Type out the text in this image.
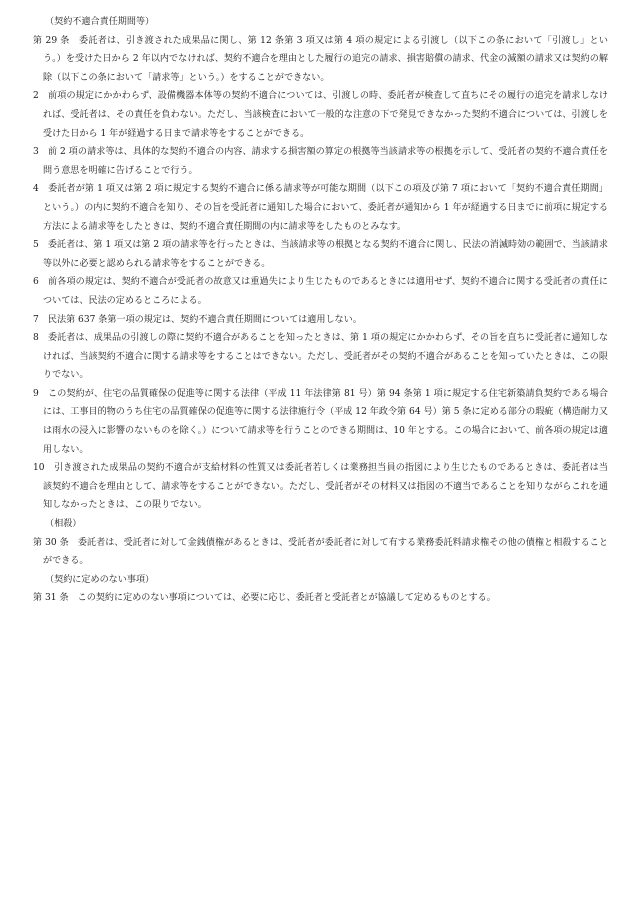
（契約不適合責任期間等）

第 29 条　委託者は、引き渡された成果品に関し、第 12 条第 3 項又は第 4 項の規定による引渡し（以下この条において「引渡し」という。）を受けた日から 2 年以内でなければ、契約不適合を理由とした履行の追完の請求、損害賠償の請求、代金の減額の請求又は契約の解除（以下この条において「請求等」という。）をすることができない。

2　前項の規定にかかわらず、設備機器本体等の契約不適合については、引渡しの時、委託者が検査して直ちにその履行の追完を請求しなければ、受託者は、その責任を負わない。ただし、当該検査において一般的な注意の下で発見できなかった契約不適合については、引渡しを受けた日から 1 年が経過する日まで請求等をすることができる。

3　前 2 項の請求等は、具体的な契約不適合の内容、請求する損害額の算定の根拠等当該請求等の根拠を示して、受託者の契約不適合責任を問う意思を明確に告げることで行う。

4　委託者が第 1 項又は第 2 項に規定する契約不適合に係る請求等が可能な期間（以下この項及び第 7 項において「契約不適合責任期間」という。）の内に契約不適合を知り、その旨を受託者に通知した場合において、委託者が通知から 1 年が経過する日までに前項に規定する方法による請求等をしたときは、契約不適合責任期間の内に請求等をしたものとみなす。

5　委託者は、第 1 項又は第 2 項の請求等を行ったときは、当該請求等の根拠となる契約不適合に関し、民法の消滅時効の範囲で、当該請求等以外に必要と認められる請求等をすることができる。

6　前各項の規定は、契約不適合が受託者の故意又は重過失により生じたものであるときには適用せず、契約不適合に関する受託者の責任については、民法の定めるところによる。

7　民法第 637 条第一項の規定は、契約不適合責任期間については適用しない。

8　委託者は、成果品の引渡しの際に契約不適合があることを知ったときは、第 1 項の規定にかかわらず、その旨を直ちに受託者に通知しなければ、当該契約不適合に関する請求等をすることはできない。ただし、受託者がその契約不適合があることを知っていたときは、この限りでない。

9　この契約が、住宅の品質確保の促進等に関する法律（平成 11 年法律第 81 号）第 94 条第 1 項に規定する住宅新築請負契約である場合には、工事目的物のうち住宅の品質確保の促進等に関する法律施行令（平成 12 年政令第 64 号）第 5 条に定める部分の瑕疵（構造耐力又は雨水の浸入に影響のないものを除く。）について請求等を行うことのできる期間は、10 年とする。この場合において、前各項の規定は適用しない。

10　引き渡された成果品の契約不適合が支給材料の性質又は委託者若しくは業務担当員の指図により生じたものであるときは、委託者は当該契約不適合を理由として、請求等をすることができない。ただし、受託者がその材料又は指図の不適当であることを知りながらこれを通知しなかったときは、この限りでない。

（相殺）

第 30 条　委託者は、受託者に対して金銭債権があるときは、受託者が委託者に対して有する業務委託料請求権その他の債権と相殺することができる。

（契約に定めのない事項）

第 31 条　この契約に定めのない事項については、必要に応じ、委託者と受託者とが協議して定めるものとする。
